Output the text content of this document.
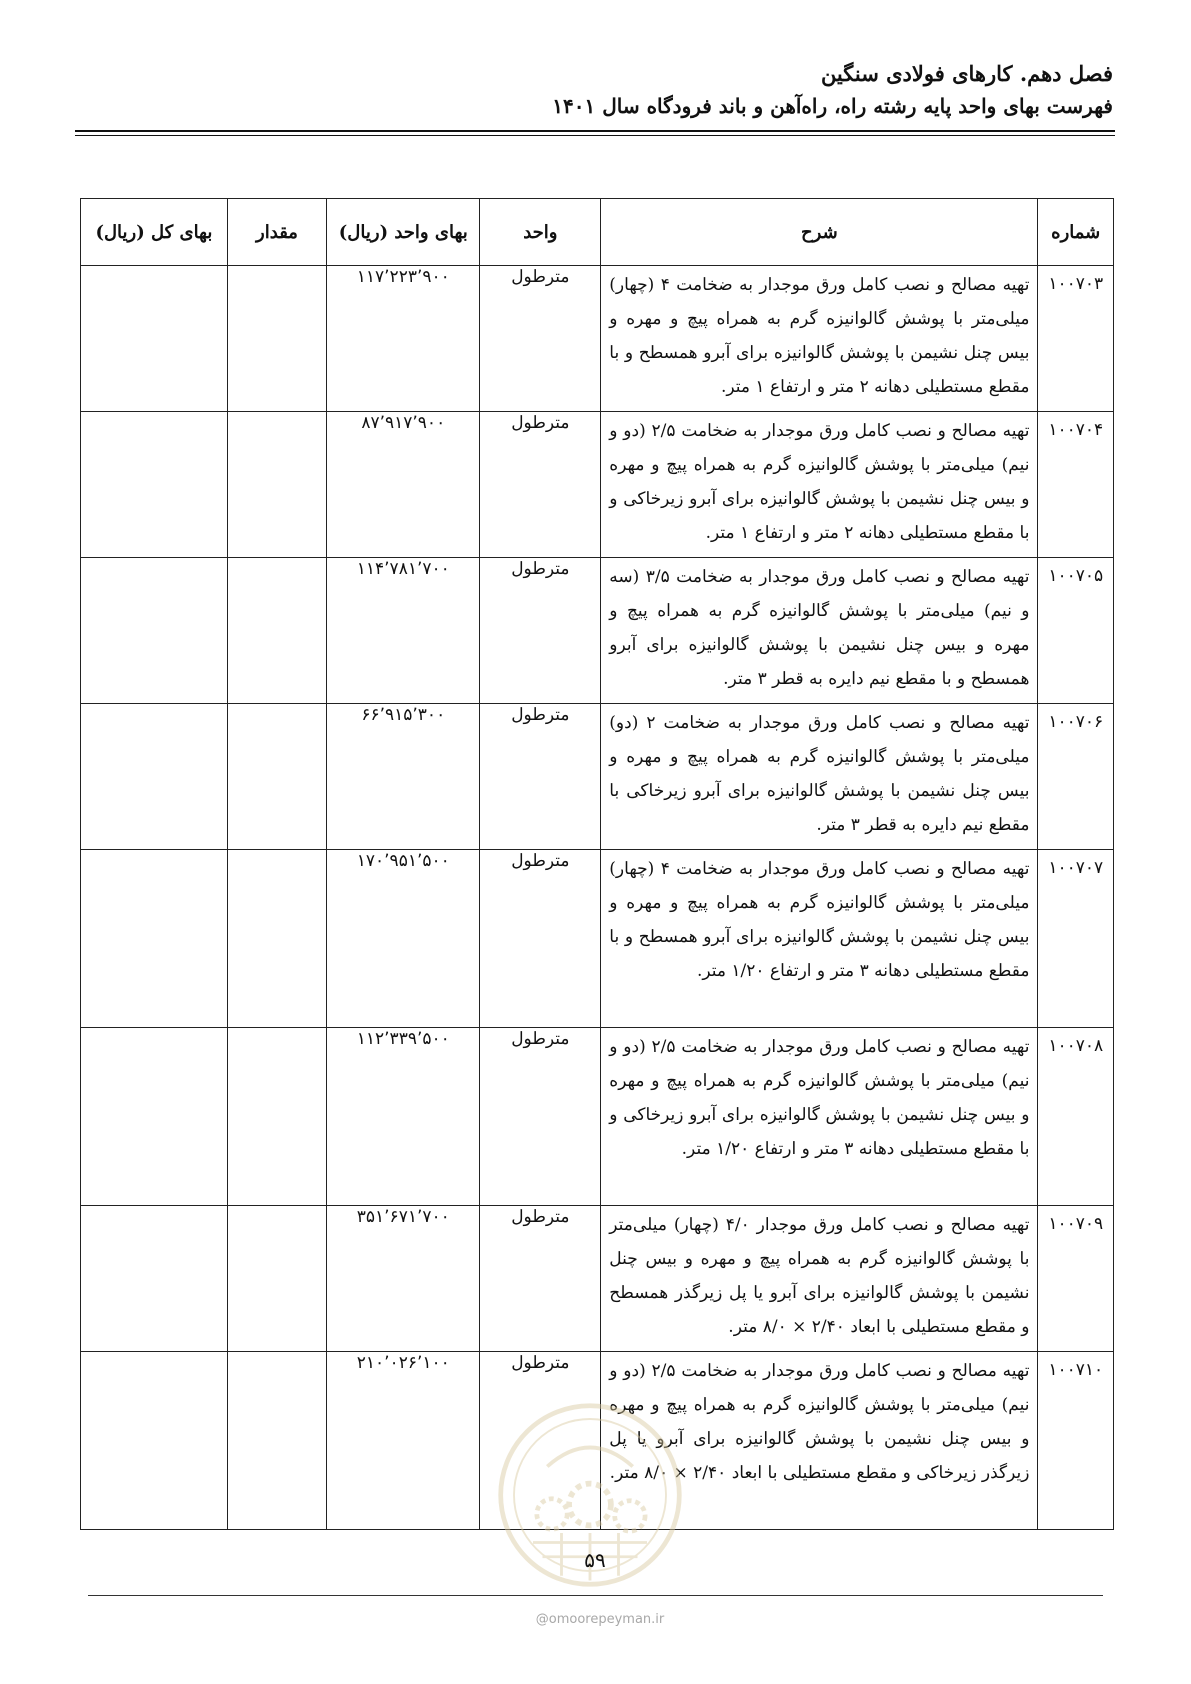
فصل دهم. کارهای فولادی سنگین
فهرست بهای واحد پایه رشته راه، راه‌آهن و باند فرودگاه سال ۱۴۰۱
شماره	شرح	واحد	بهای واحد (ریال)	مقدار	بهای کل (ریال)
۱۰۰۷۰۳	تهیه مصالح و نصب کامل ورق موجدار به ضخامت ۴ (چهار) میلی‌متر با پوشش گالوانیزه گرم به همراه پیچ و مهره و بیس چنل نشیمن با پوشش گالوانیزه برای آبرو همسطح و با مقطع مستطیلی دهانه ۲ متر و ارتفاع ۱ متر.	مترطول	۱۱۷٬۲۲۳٬۹۰۰		
۱۰۰۷۰۴	تهیه مصالح و نصب کامل ورق موجدار به ضخامت ۲/۵ (دو و نیم) میلی‌متر با پوشش گالوانیزه گرم به همراه پیچ و مهره و بیس چنل نشیمن با پوشش گالوانیزه برای آبرو زیرخاکی و با مقطع مستطیلی دهانه ۲ متر و ارتفاع ۱ متر.	مترطول	۸۷٬۹۱۷٬۹۰۰		
۱۰۰۷۰۵	تهیه مصالح و نصب کامل ورق موجدار به ضخامت ۳/۵ (سه و نیم) میلی‌متر با پوشش گالوانیزه گرم به همراه پیچ و مهره و بیس چنل نشیمن با پوشش گالوانیزه برای آبرو همسطح و با مقطع نیم دایره به قطر ۳ متر.	مترطول	۱۱۴٬۷۸۱٬۷۰۰		
۱۰۰۷۰۶	تهیه مصالح و نصب کامل ورق موجدار به ضخامت ۲ (دو) میلی‌متر با پوشش گالوانیزه گرم به همراه پیچ و مهره و بیس چنل نشیمن با پوشش گالوانیزه برای آبرو زیرخاکی با مقطع نیم دایره به قطر ۳ متر.	مترطول	۶۶٬۹۱۵٬۳۰۰		
۱۰۰۷۰۷	تهیه مصالح و نصب کامل ورق موجدار به ضخامت ۴ (چهار) میلی‌متر با پوشش گالوانیزه گرم به همراه پیچ و مهره و بیس چنل نشیمن با پوشش گالوانیزه برای آبرو همسطح و با مقطع مستطیلی دهانه ۳ متر و ارتفاع ۱/۲۰ متر.	مترطول	۱۷۰٬۹۵۱٬۵۰۰		
۱۰۰۷۰۸	تهیه مصالح و نصب کامل ورق موجدار به ضخامت ۲/۵ (دو و نیم) میلی‌متر با پوشش گالوانیزه گرم به همراه پیچ و مهره و بیس چنل نشیمن با پوشش گالوانیزه برای آبرو زیرخاکی و با مقطع مستطیلی دهانه ۳ متر و ارتفاع ۱/۲۰ متر.	مترطول	۱۱۲٬۳۳۹٬۵۰۰		
۱۰۰۷۰۹	تهیه مصالح و نصب کامل ورق موجدار ۴/۰ (چهار) میلی‌متر با پوشش گالوانیزه گرم به همراه پیچ و مهره و بیس چنل نشیمن با پوشش گالوانیزه برای آبرو یا پل زیرگذر همسطح و مقطع مستطیلی با ابعاد ۲/۴۰ × ۸/۰ متر.	مترطول	۳۵۱٬۶۷۱٬۷۰۰		
۱۰۰۷۱۰	تهیه مصالح و نصب کامل ورق موجدار به ضخامت ۲/۵ (دو و نیم) میلی‌متر با پوشش گالوانیزه گرم به همراه پیچ و مهره و بیس چنل نشیمن با پوشش گالوانیزه برای آبرو یا پل زیرگذر زیرخاکی و مقطع مستطیلی با ابعاد ۲/۴۰ × ۸/۰ متر.	مترطول	۲۱۰٬۰۲۶٬۱۰۰		
۵۹
@omoorepeyman.ir
